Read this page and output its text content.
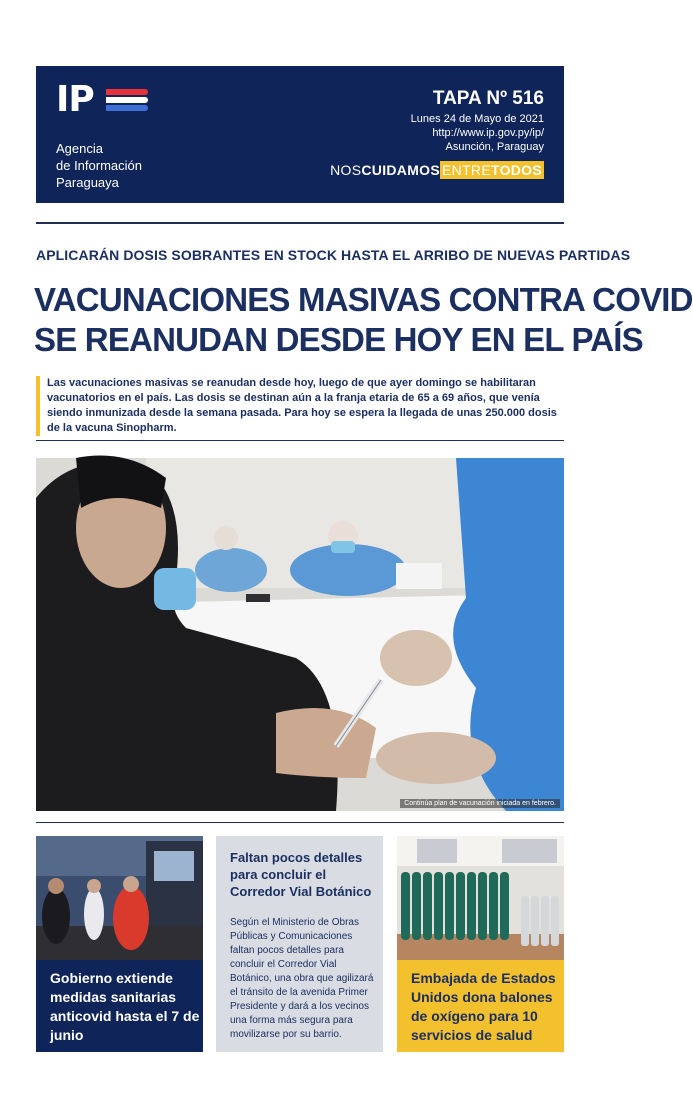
IP
Agencia
de Información
Paraguaya
TAPA Nº 516
Lunes 24 de Mayo de 2021
http://www.ip.gov.py/ip/
Asunción, Paraguay
NOSCUIDAMOS ENTRETODOS
APLICARÁN DOSIS SOBRANTES EN STOCK HASTA EL ARRIBO DE NUEVAS PARTIDAS
VACUNACIONES MASIVAS CONTRA COVID
SE REANUDAN DESDE HOY EN EL PAÍS
Las vacunaciones masivas se reanudan desde hoy, luego de que ayer domingo se habilitaran vacunatorios en el país. Las dosis se destinan aún a la franja etaria de 65 a 69 años, que venía siendo inmunizada desde la semana pasada. Para hoy se espera la llegada de unas 250.000 dosis de la vacuna Sinopharm.
Continúa plan de vacunación iniciada en febrero.
Gobierno extiende medidas sanitarias anticovid hasta el 7 de junio
Faltan pocos detalles para concluir el Corredor Vial Botánico
Según el Ministerio de Obras Públicas y Comunicaciones faltan pocos detalles para concluir el Corredor Vial Botánico, una obra que agilizará el tránsito de la avenida Primer Presidente y dará a los vecinos una forma más segura para movilizarse por su barrio.
Embajada de Estados Unidos dona balones de oxígeno para 10 servicios de salud
